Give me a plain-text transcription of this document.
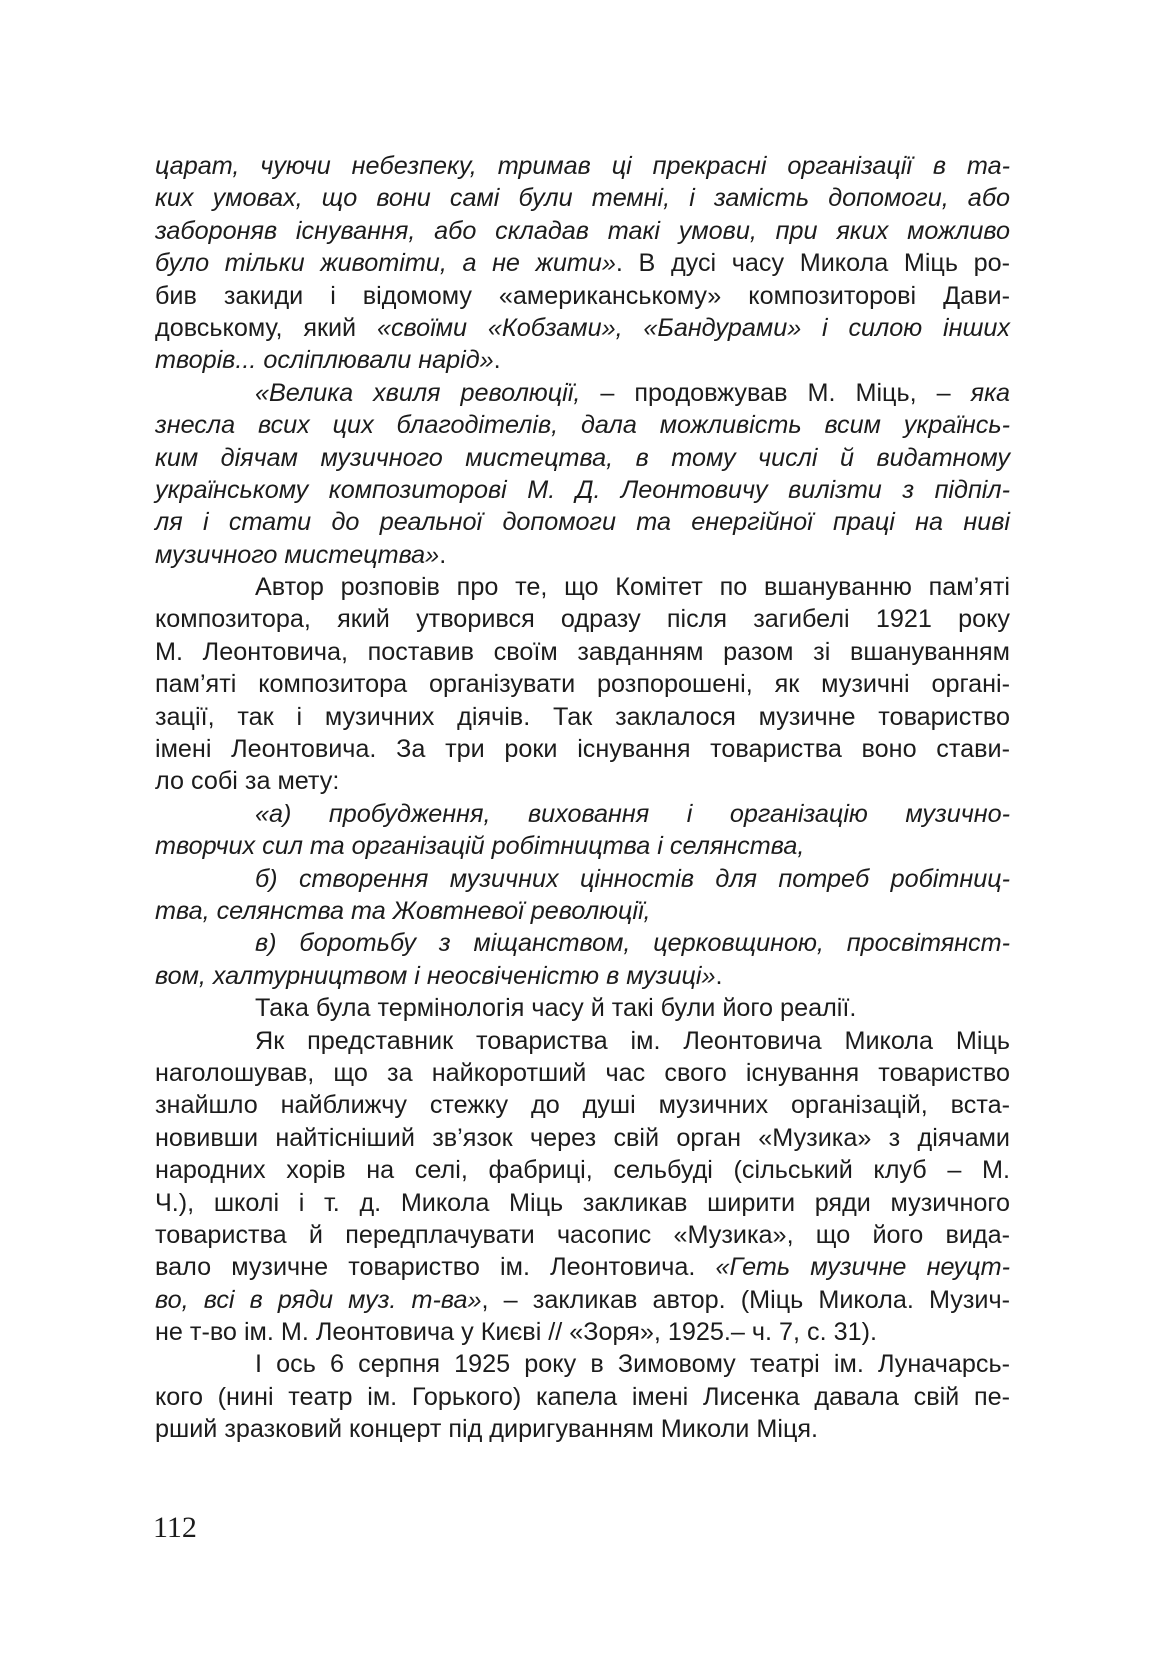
царат, чуючи небезпеку, тримав ці прекрасні організації в та-
ких умовах, що вони самі були темні, і замість допомоги, або
забороняв існування, або складав такі умови, при яких можливо
було тільки животіти, а не жити». В дусі часу Микола Міць ро-
бив закиди і відомому «американському» композиторові Дави-
довському, який «своїми «Кобзами», «Бандурами» і силою інших
творів... осліплювали нарід».
«Велика хвиля революції, – продовжував М. Міць, – яка
знесла всих цих благодітелів, дала можливість всим українсь-
ким діячам музичного мистецтва, в тому числі й видатному
українському композиторові М. Д. Леонтовичу вилізти з підпіл-
ля і стати до реальної допомоги та енергійної праці на ниві
музичного мистецтва».
Автор розповів про те, що Комітет по вшануванню пам’яті
композитора, який утворився одразу після загибелі 1921 року
М. Леонтовича, поставив своїм завданням разом зі вшануванням
пам’яті композитора організувати розпорошені, як музичні органі-
зації, так і музичних діячів. Так заклалося музичне товариство
імені Леонтовича. За три роки існування товариства воно стави-
ло собі за мету:
«а) пробудження, виховання і організацію музично-
творчих сил та організацій робітництва і селянства,
б) створення музичних цінностів для потреб робітниц-
тва, селянства та Жовтневої революції,
в) боротьбу з міщанством, церковщиною, просвітянст-
вом, халтурництвом і неосвіченістю в музиці».
Така була термінологія часу й такі були його реалії.
Як представник товариства ім. Леонтовича Микола Міць
наголошував, що за найкоротший час свого існування товариство
знайшло найближчу стежку до душі музичних організацій, вста-
новивши найтісніший зв’язок через свій орган «Музика» з діячами
народних хорів на селі, фабриці, сельбуді (сільський клуб – М.
Ч.), школі і т. д. Микола Міць закликав ширити ряди музичного
товариства й передплачувати часопис «Музика», що його вида-
вало музичне товариство ім. Леонтовича. «Геть музичне неуцт-
во, всі в ряди муз. т-ва», – закликав автор. (Міць Микола. Музич-
не т-во ім. М. Леонтовича у Києві // «Зоря», 1925.– ч. 7, с. 31).
І ось 6 серпня 1925 року в Зимовому театрі ім. Луначарсь-
кого (нині театр ім. Горького) капела імені Лисенка давала свій пе-
рший зразковий концерт під диригуванням Миколи Міця.
112
